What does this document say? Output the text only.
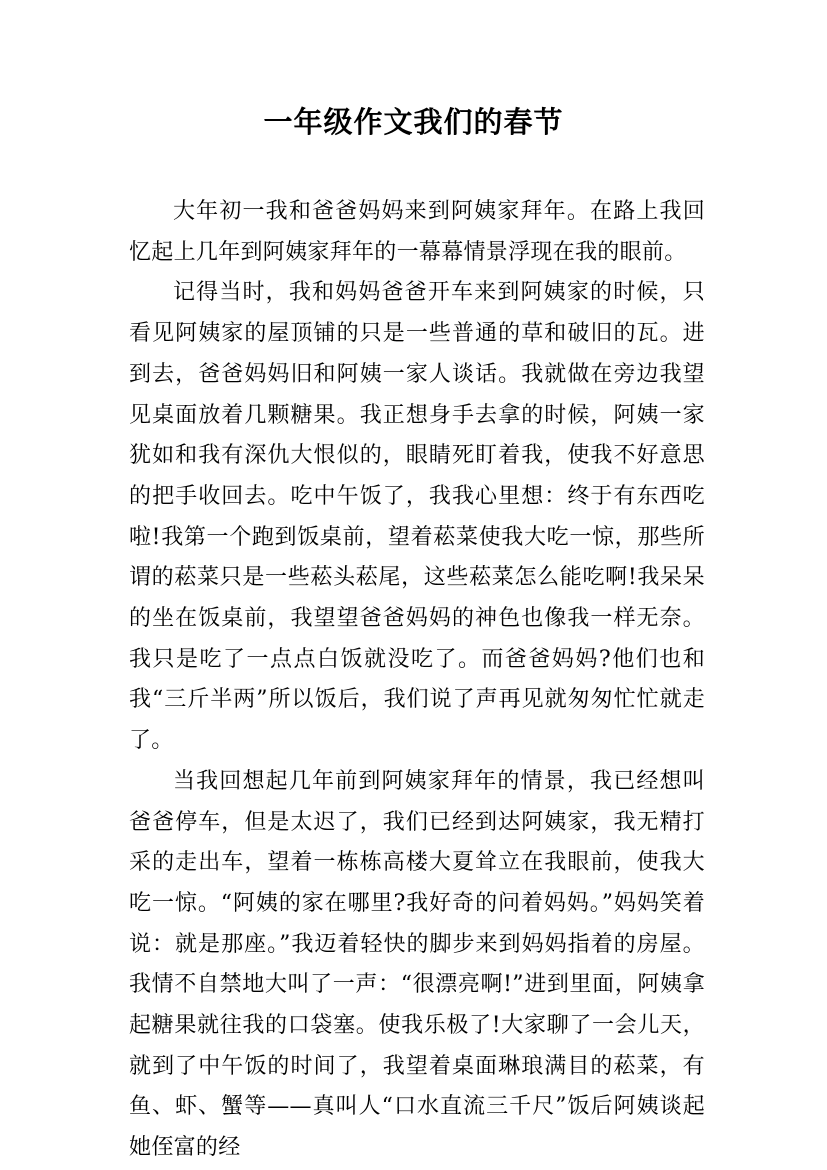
一年级作文我们的春节

大年初一我和爸爸妈妈来到阿姨家拜年。在路上我回忆起上几年到阿姨家拜年的一幕幕情景浮现在我的眼前。

记得当时，我和妈妈爸爸开车来到阿姨家的时候，只看见阿姨家的屋顶铺的只是一些普通的草和破旧的瓦。进到去，爸爸妈妈旧和阿姨一家人谈话。我就做在旁边我望见桌面放着几颗糖果。我正想身手去拿的时候，阿姨一家犹如和我有深仇大恨似的，眼睛死盯着我，使我不好意思的把手收回去。吃中午饭了，我我心里想：终于有东西吃啦!我第一个跑到饭桌前，望着菘菜使我大吃一惊，那些所谓的菘菜只是一些菘头菘尾，这些菘菜怎么能吃啊!我呆呆的坐在饭桌前，我望望爸爸妈妈的神色也像我一样无奈。我只是吃了一点点白饭就没吃了。而爸爸妈妈?他们也和我“三斤半两”所以饭后，我们说了声再见就匆匆忙忙就走了。

当我回想起几年前到阿姨家拜年的情景，我已经想叫爸爸停车，但是太迟了，我们已经到达阿姨家，我无精打采的走出车，望着一栋栋高楼大夏耸立在我眼前，使我大吃一惊。“阿姨的家在哪里?我好奇的问着妈妈。”妈妈笑着说：就是那座。”我迈着轻快的脚步来到妈妈指着的房屋。我情不自禁地大叫了一声：“很漂亮啊!”进到里面，阿姨拿起糖果就往我的口袋塞。使我乐极了!大家聊了一会儿天，就到了中午饭的时间了，我望着桌面琳琅满目的菘菜，有鱼、虾、蟹等——真叫人“口水直流三千尺”饭后阿姨谈起她侄富的经
